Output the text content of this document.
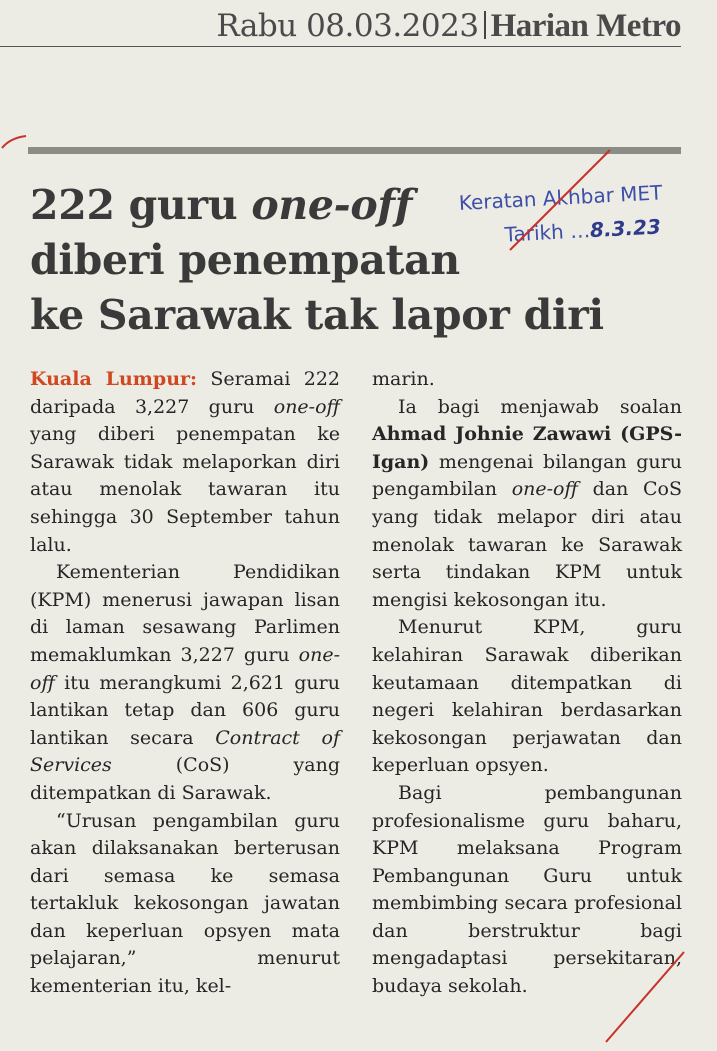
Rabu 08.03.2023 Harian Metro
222 guru one-off
diberi penempatan
ke Sarawak tak lapor diri
Keratan Akhbar MET
Tarikh …8.3.23

Kuala Lumpur: Seramai 222 daripada 3,227 guru one-off yang diberi penempatan ke Sarawak tidak melaporkan diri atau menolak tawaran itu sehingga 30 September tahun lalu.

Kementerian Pendidikan (KPM) menerusi jawapan lisan di laman sesawang Parlimen memaklumkan 3,227 guru one-off itu merangkumi 2,621 guru lantikan tetap dan 606 guru lantikan secara Contract of Services (CoS) yang ditempatkan di Sarawak.

“Urusan pengambilan guru akan dilaksanakan berterusan dari semasa ke semasa tertakluk kekosongan jawatan dan keperluan opsyen mata pelajaran,” menurut kementerian itu, kel-

marin.

Ia bagi menjawab soalan Ahmad Johnie Zawawi (GPS-Igan) mengenai bilangan guru pengambilan one-off dan CoS yang tidak melapor diri atau menolak tawaran ke Sarawak serta tindakan KPM untuk mengisi kekosongan itu.

Menurut KPM, guru kelahiran Sarawak diberikan keutamaan ditempatkan di negeri kelahiran berdasarkan kekosongan perjawatan dan keperluan opsyen.

Bagi pembangunan profesionalisme guru baharu, KPM melaksana Program Pembangunan Guru untuk membimbing secara profesional dan berstruktur bagi mengadaptasi persekitaran, budaya sekolah.
